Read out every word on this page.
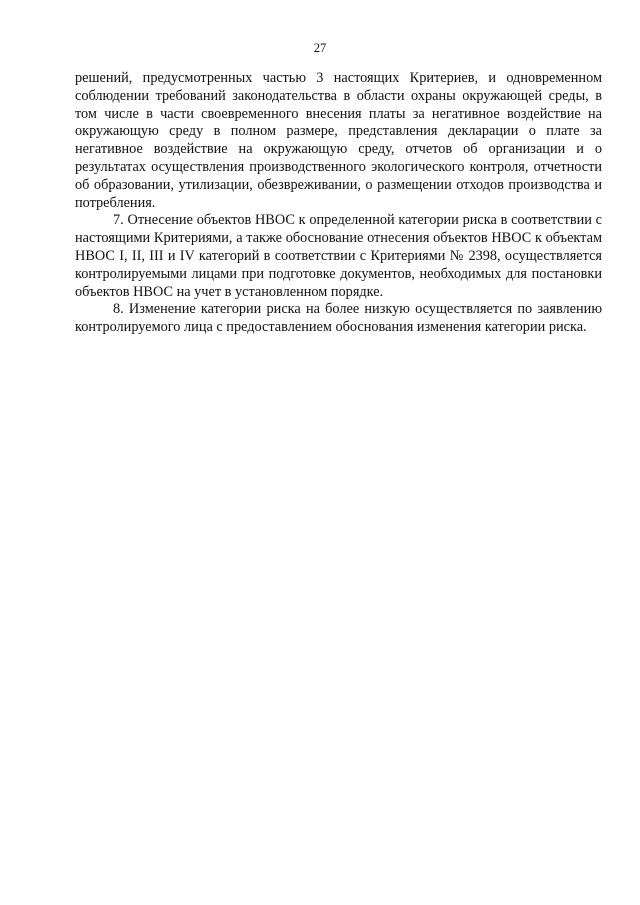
27

решений, предусмотренных частью 3 настоящих Критериев, и одновременном соблюдении требований законодательства в области охраны окружающей среды, в том числе в части своевременного внесения платы за негативное воздействие на окружающую среду в полном размере, представления декларации о плате за негативное воздействие на окружающую среду, отчетов об организации и о результатах осуществления производственного экологического контроля, отчетности об образовании, утилизации, обезвреживании, о размещении отходов производства и потребления.

7. Отнесение объектов НВОС к определенной категории риска в соответствии с настоящими Критериями, а также обоснование отнесения объектов НВОС к объектам НВОС I, II, III и IV категорий в соответствии с Критериями № 2398, осуществляется контролируемыми лицами при подготовке документов, необходимых для постановки объектов НВОС на учет в установленном порядке.

8. Изменение категории риска на более низкую осуществляется по заявлению контролируемого лица с предоставлением обоснования изменения категории риска.
